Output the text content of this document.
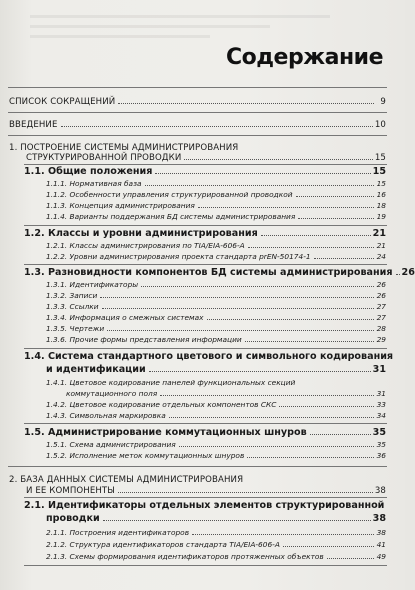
Содержание
СПИСОК СОКРАЩЕНИЙ	9
ВВЕДЕНИЕ	10
1. ПОСТРОЕНИЕ СИСТЕМЫ АДМИНИСТРИРОВАНИЯ
СТРУКТУРИРОВАННОЙ ПРОВОДКИ	15
1.1. Общие положения	15
1.1.1. Нормативная база	15
1.1.2. Особенности управления структурированной проводкой	16
1.1.3. Концепция администрирования	18
1.1.4. Варианты поддержания БД системы администрирования	19
1.2. Классы и уровни администрирования	21
1.2.1. Классы администрирования по TIA/EIA-606-A	21
1.2.2. Уровни администрирования проекта стандарта prEN-50174-1	24
1.3. Разновидности компонентов БД системы администрирования 26
1.3.1. Идентификаторы	26
1.3.2. Записи	26
1.3.3. Ссылки	27
1.3.4. Информация о смежных системах	27
1.3.5. Чертежи	28
1.3.6. Прочие формы представления информации	29
1.4. Система стандартного цветового и символьного кодирования
и идентификации	31
1.4.1. Цветовое кодирование панелей функциональных секций
коммутационного поля	31
1.4.2. Цветовое кодирование отдельных компонентов СКС	33
1.4.3. Символьная маркировка	34
1.5. Администрирование коммутационных шнуров	35
1.5.1. Схема администрирования	35
1.5.2. Исполнение меток коммутационных шнуров	36
2. БАЗА ДАННЫХ СИСТЕМЫ АДМИНИСТРИРОВАНИЯ
И ЕЕ КОМПОНЕНТЫ	38
2.1. Идентификаторы отдельных элементов структурированной
проводки	38
2.1.1. Построения идентификаторов	38
2.1.2. Структура идентификаторов стандарта TIA/EIA-606-A	41
2.1.3. Схемы формирования идентификаторов протяженных объектов	49
